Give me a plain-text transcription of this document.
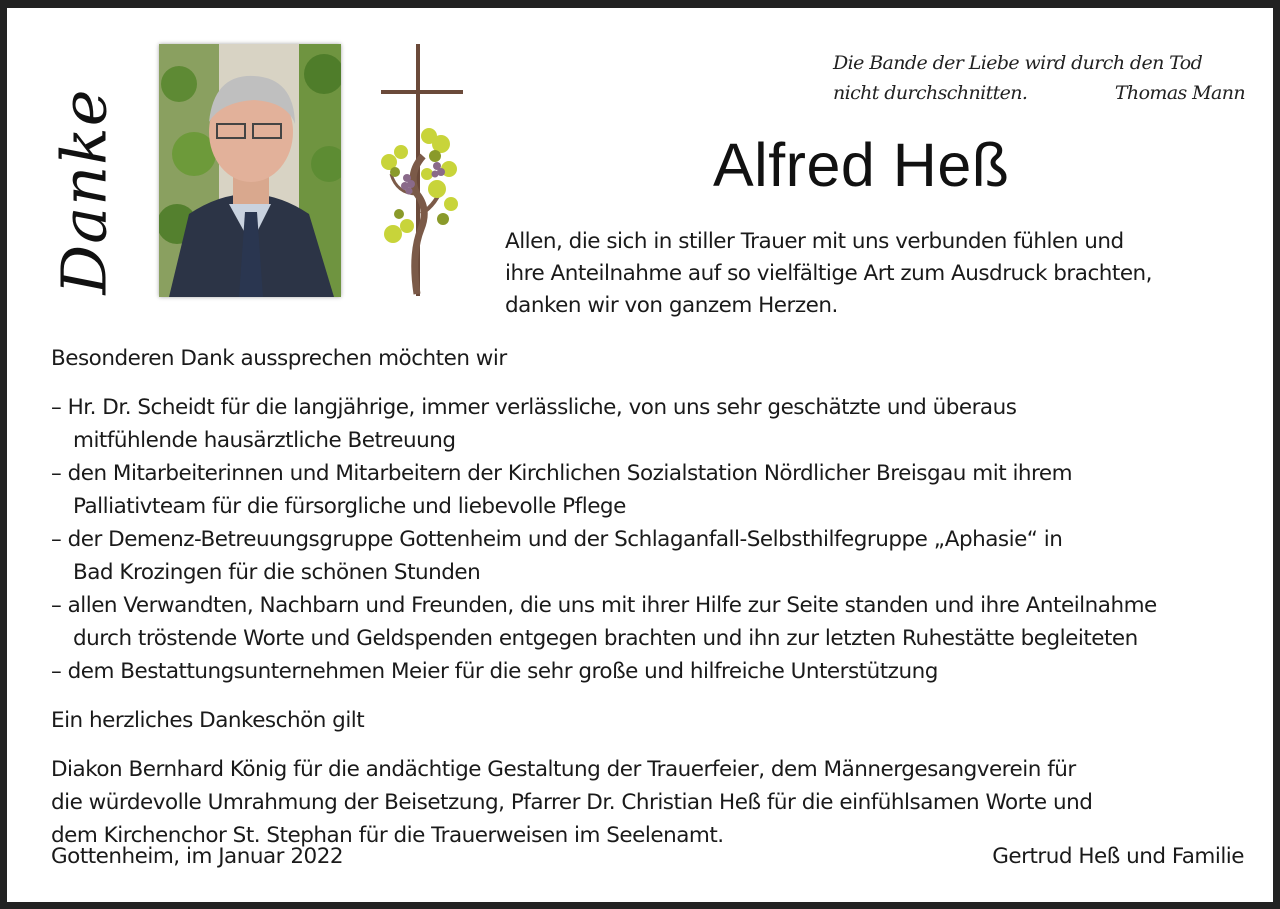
Danke
Die Bande der Liebe wird durch den Tod
nicht durchschnitten.	Thomas Mann
Alfred Heß
Allen, die sich in stiller Trauer mit uns verbunden fühlen und
ihre Anteilnahme auf so vielfältige Art zum Ausdruck brachten,
danken wir von ganzem Herzen.
Besonderen Dank aussprechen möchten wir
– Hr. Dr. Scheidt für die langjährige, immer verlässliche, von uns sehr geschätzte und überaus
mitfühlende hausärztliche Betreuung
– den Mitarbeiterinnen und Mitarbeitern der Kirchlichen Sozialstation Nördlicher Breisgau mit ihrem
Palliativteam für die fürsorgliche und liebevolle Pflege
– der Demenz-Betreuungsgruppe Gottenheim und der Schlaganfall-Selbsthilfegruppe „Aphasie“ in
Bad Krozingen für die schönen Stunden
– allen Verwandten, Nachbarn und Freunden, die uns mit ihrer Hilfe zur Seite standen und ihre Anteilnahme
durch tröstende Worte und Geldspenden entgegen brachten und ihn zur letzten Ruhestätte begleiteten
– dem Bestattungsunternehmen Meier für die sehr große und hilfreiche Unterstützung
Ein herzliches Dankeschön gilt
Diakon Bernhard König für die andächtige Gestaltung der Trauerfeier, dem Männergesangverein für
die würdevolle Umrahmung der Beisetzung, Pfarrer Dr. Christian Heß für die einfühlsamen Worte und
dem Kirchenchor St. Stephan für die Trauerweisen im Seelenamt.
Gottenheim, im Januar 2022	Gertrud Heß und Familie
